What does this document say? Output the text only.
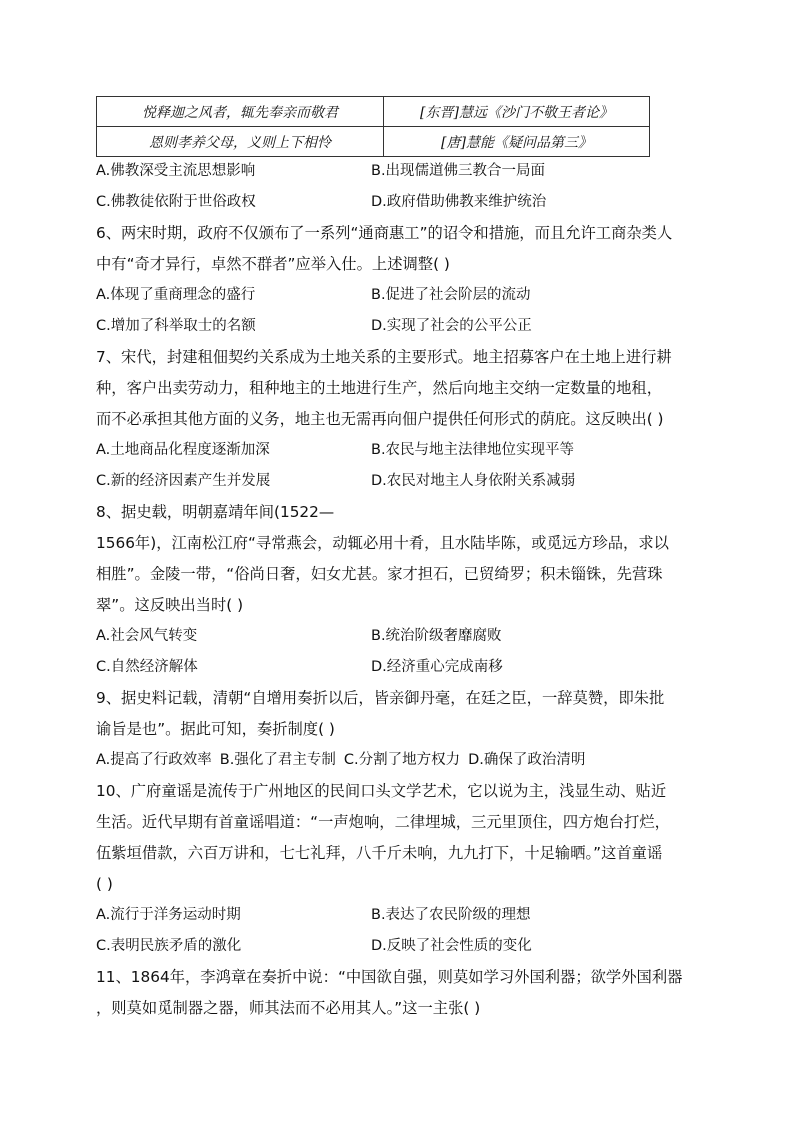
悦释迦之风者，辄先奉亲而敬君	[东晋]慧远《沙门不敬王者论》
恩则孝养父母，义则上下相怜	[唐]慧能《疑问品第三》
A.佛教深受主流思想影响	B.出现儒道佛三教合一局面
C.佛教徒依附于世俗政权	D.政府借助佛教来维护统治
6、两宋时期，政府不仅颁布了一系列“通商惠工”的诏令和措施，而且允许工商杂类人
中有“奇才异行，卓然不群者”应举入仕。上述调整( )
A.体现了重商理念的盛行	B.促进了社会阶层的流动
C.增加了科举取士的名额	D.实现了社会的公平公正
7、宋代，封建租佃契约关系成为土地关系的主要形式。地主招募客户在土地上进行耕
种，客户出卖劳动力，租种地主的土地进行生产，然后向地主交纳一定数量的地租，
而不必承担其他方面的义务，地主也无需再向佃户提供任何形式的荫庇。这反映出( )
A.土地商品化程度逐渐加深	B.农民与地主法律地位实现平等
C.新的经济因素产生并发展	D.农民对地主人身依附关系减弱
8、据史载，明朝嘉靖年间(1522—
1566年)，江南松江府“寻常燕会，动辄必用十肴，且水陆毕陈，或觅远方珍品，求以
相胜”。金陵一带，“俗尚日奢，妇女尤甚。家才担石，已贸绮罗；积未锱铢，先营珠
翠”。这反映出当时( )
A.社会风气转变	B.统治阶级奢靡腐败
C.自然经济解体	D.经济重心完成南移
9、据史料记载，清朝“自增用奏折以后，皆亲御丹毫，在廷之臣，一辞莫赞，即朱批
谕旨是也”。据此可知，奏折制度( )
A.提高了行政效率 B.强化了君主专制 C.分割了地方权力 D.确保了政治清明
10、广府童谣是流传于广州地区的民间口头文学艺术，它以说为主，浅显生动、贴近
生活。近代早期有首童谣唱道：“一声炮响，二律埋城，三元里顶住，四方炮台打烂，
伍紫垣借款，六百万讲和，七七礼拜，八千斤未响，九九打下，十足输晒。”这首童谣
( )
A.流行于洋务运动时期	B.表达了农民阶级的理想
C.表明民族矛盾的激化	D.反映了社会性质的变化
11、1864年，李鸿章在奏折中说：“中国欲自强，则莫如学习外国利器；欲学外国利器
，则莫如觅制器之器，师其法而不必用其人。”这一主张( )
